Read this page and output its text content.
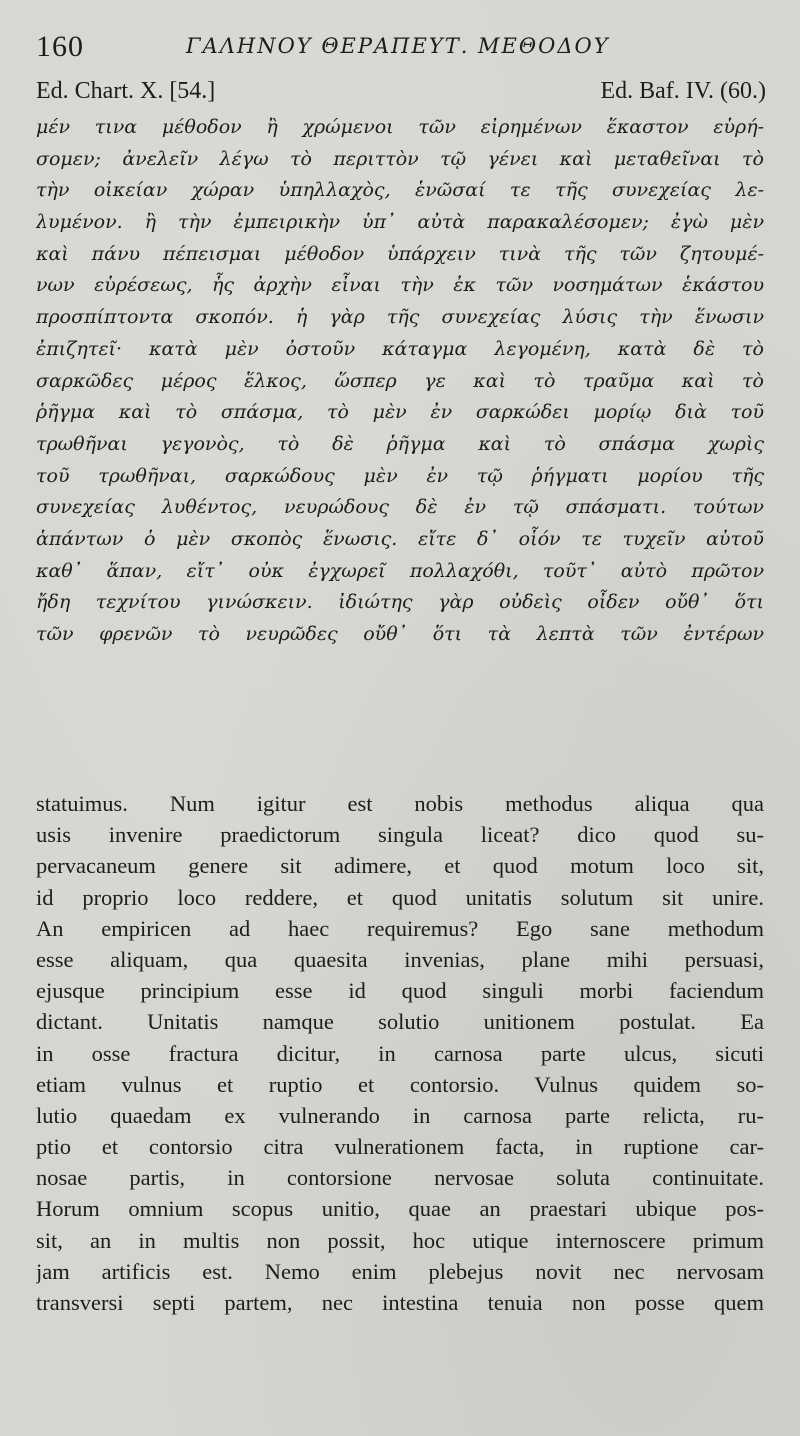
160	ΓΑΛΗΝΟΥ ΘΕΡΑΠΕΥΤ. ΜΕΘΟΔΟΥ
Ed. Chart. X. [54.]	Ed. Baf. IV. (60.)
μέν τινα μέθοδον ἢ χρώμενοι τῶν εἰρημένων ἕκαστον εὑρή-
σομεν; ἀνελεῖν λέγω τὸ περιττὸν τῷ γένει καὶ μεταθεῖναι τὸ
τὴν οἰκείαν χώραν ὑπηλλαχὸς, ἑνῶσαί τε τῆς συνεχείας λε-
λυμένον. ἢ τὴν ἐμπειρικὴν ὑπ᾽ αὐτὰ παρακαλέσομεν; ἐγὼ μὲν
καὶ πάνυ πέπεισμαι μέθοδον ὑπάρχειν τινὰ τῆς τῶν ζητουμέ-
νων εὑρέσεως, ἧς ἀρχὴν εἶναι τὴν ἐκ τῶν νοσημάτων ἑκάστου
προσπίπτοντα σκοπόν. ἡ γὰρ τῆς συνεχείας λύσις τὴν ἕνωσιν
ἐπιζητεῖ· κατὰ μὲν ὀστοῦν κάταγμα λεγομένη, κατὰ δὲ τὸ
σαρκῶδες μέρος ἕλκος, ὥσπερ γε καὶ τὸ τραῦμα καὶ τὸ
ῥῆγμα καὶ τὸ σπάσμα, τὸ μὲν ἐν σαρκώδει μορίῳ διὰ τοῦ
τρωθῆναι γεγονὸς, τὸ δὲ ῥῆγμα καὶ τὸ σπάσμα χωρὶς
τοῦ τρωθῆναι, σαρκώδους μὲν ἐν τῷ ῥήγματι μορίου τῆς
συνεχείας λυθέντος, νευρώδους δὲ ἐν τῷ σπάσματι. τούτων
ἁπάντων ὁ μὲν σκοπὸς ἕνωσις. εἴτε δ᾽ οἷόν τε τυχεῖν αὐτοῦ
καθ᾽ ἅπαν, εἴτ᾽ οὐκ ἐγχωρεῖ πολλαχόθι, τοῦτ᾽ αὐτὸ πρῶτον
ἤδη τεχνίτου γινώσκειν. ἰδιώτης γὰρ οὐδεὶς οἶδεν οὔθ᾽ ὅτι
τῶν φρενῶν τὸ νευρῶδες οὔθ᾽ ὅτι τὰ λεπτὰ τῶν ἐντέρων
statuimus. Num igitur est nobis methodus aliqua qua
usis invenire praedictorum singula liceat? dico quod su-
pervacaneum genere sit adimere, et quod motum loco sit,
id proprio loco reddere, et quod unitatis solutum sit unire.
An empiricen ad haec requiremus? Ego sane methodum
esse aliquam, qua quaesita invenias, plane mihi persuasi,
ejusque principium esse id quod singuli morbi faciendum
dictant. Unitatis namque solutio unitionem postulat. Ea
in osse fractura dicitur, in carnosa parte ulcus, sicuti
etiam vulnus et ruptio et contorsio. Vulnus quidem so-
lutio quaedam ex vulnerando in carnosa parte relicta, ru-
ptio et contorsio citra vulnerationem facta, in ruptione car-
nosae partis, in contorsione nervosae soluta continuitate.
Horum omnium scopus unitio, quae an praestari ubique pos-
sit, an in multis non possit, hoc utique internoscere primum
jam artificis est. Nemo enim plebejus novit nec nervosam
transversi septi partem, nec intestina tenuia non posse quem
